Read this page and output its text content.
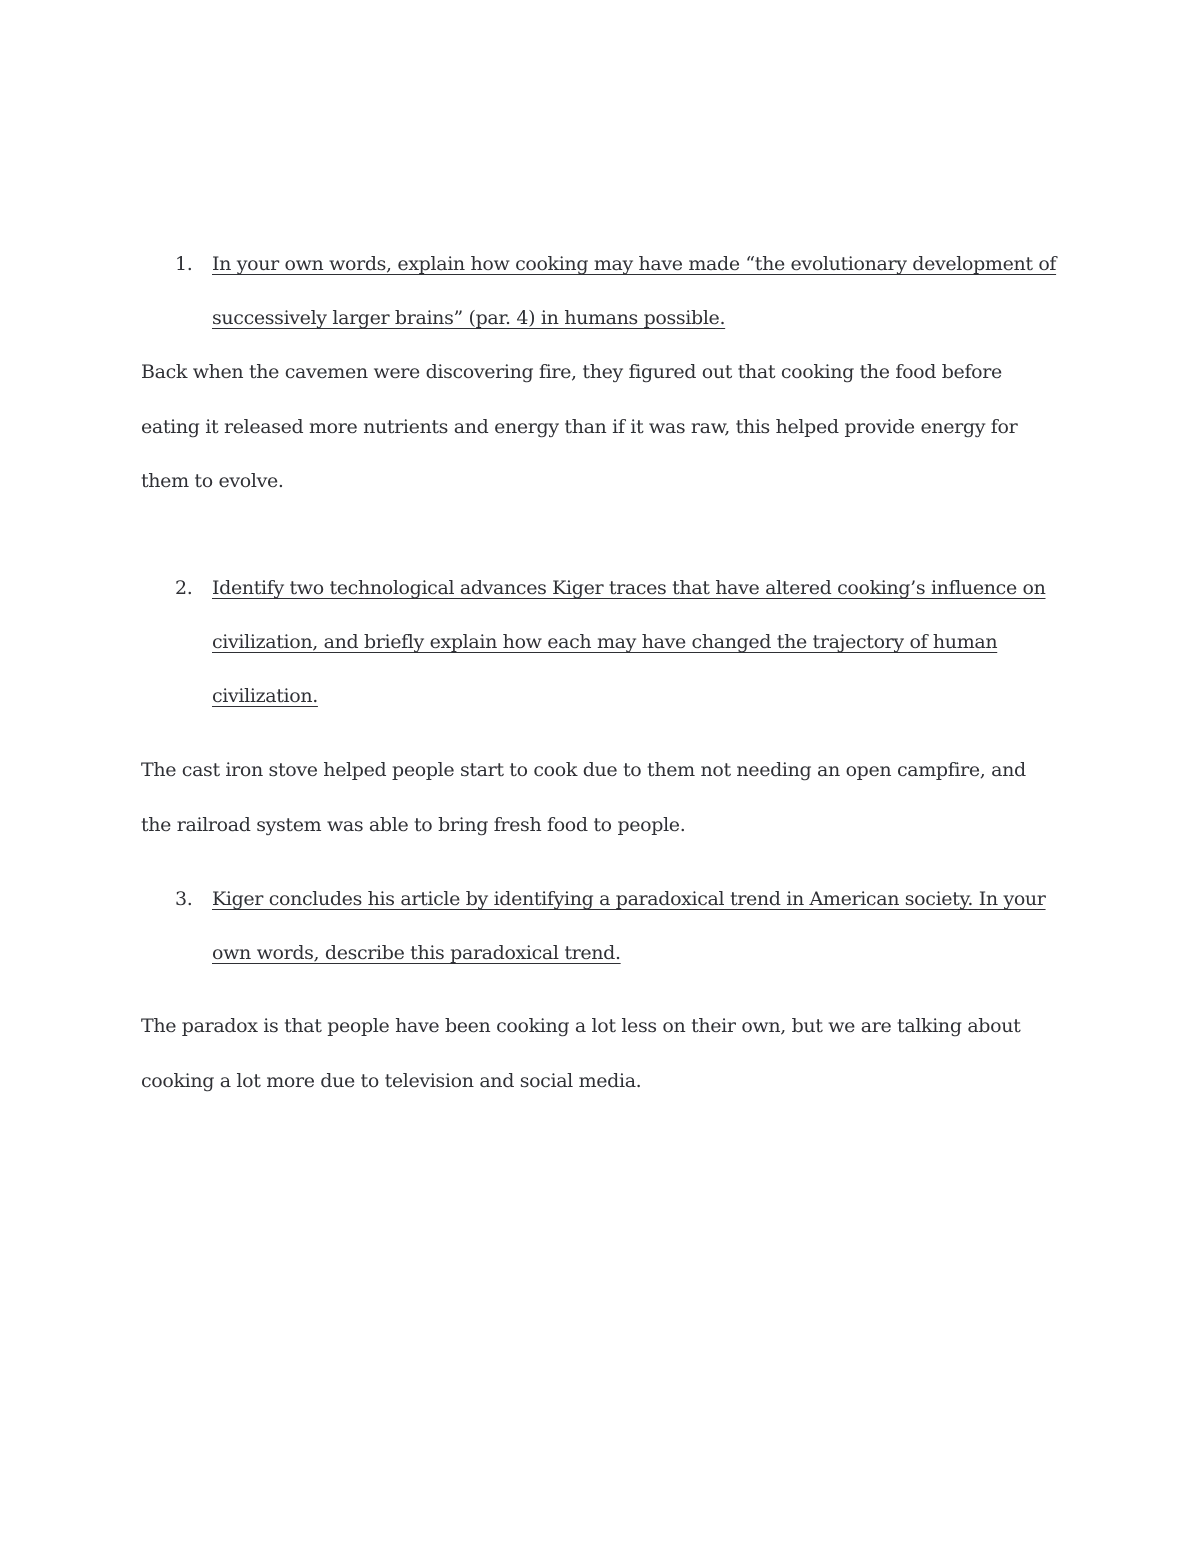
1.	In your own words, explain how cooking may have made “the evolutionary development of successively larger brains” (par. 4) in humans possible.
Back when the cavemen were discovering fire, they figured out that cooking the food before eating it released more nutrients and energy than if it was raw, this helped provide energy for them to evolve.
2.	Identify two technological advances Kiger traces that have altered cooking’s influence on civilization, and briefly explain how each may have changed the trajectory of human civilization.
The cast iron stove helped people start to cook due to them not needing an open campfire, and the railroad system was able to bring fresh food to people.
3.	Kiger concludes his article by identifying a paradoxical trend in American society. In your own words, describe this paradoxical trend.
The paradox is that people have been cooking a lot less on their own, but we are talking about cooking a lot more due to television and social media.
